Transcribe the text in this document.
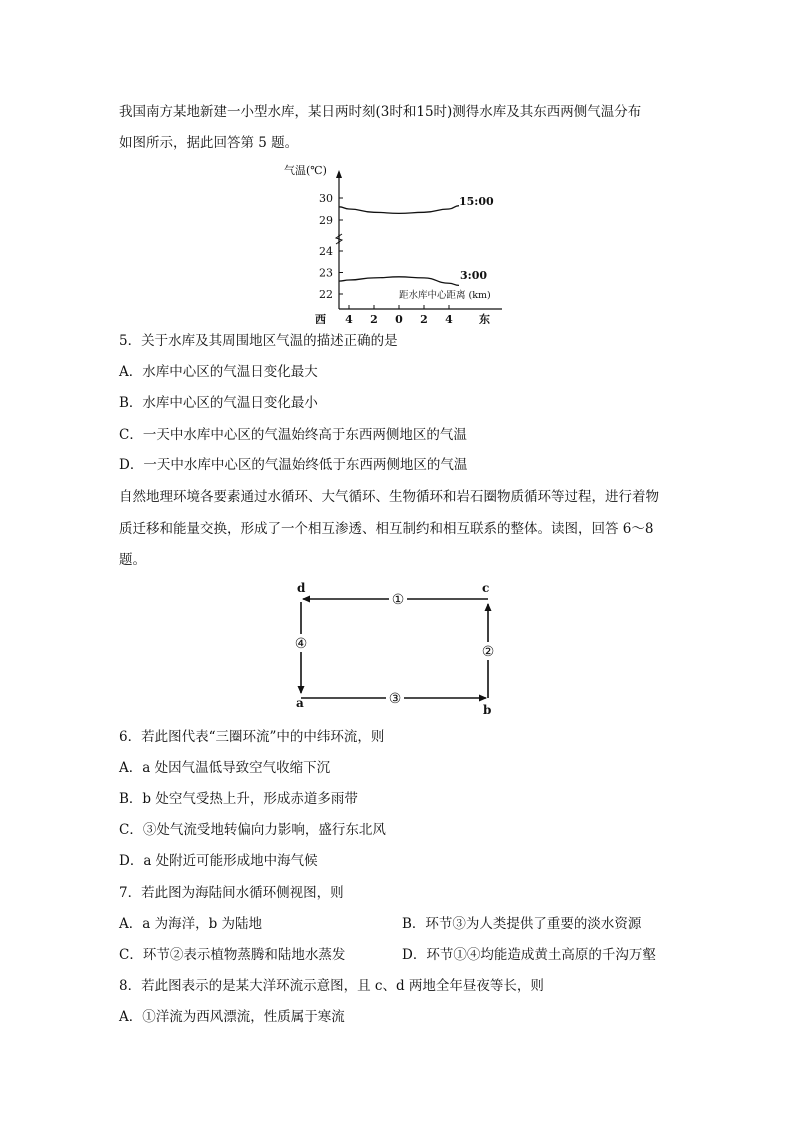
我国南方某地新建一小型水库，某日两时刻(3时和15时)测得水库及其东西两侧气温分布
如图所示，据此回答第 5 题。
气温(℃)
距水库中心距离 (km)
30
29
24
23
22
4 2 0 2 4
西	东
15:00
3:00
5．关于水库及其周围地区气温的描述正确的是
A．水库中心区的气温日变化最大
B．水库中心区的气温日变化最小
C．一天中水库中心区的气温始终高于东西两侧地区的气温
D．一天中水库中心区的气温始终低于东西两侧地区的气温
自然地理环境各要素通过水循环、大气循环、生物循环和岩石圈物质循环等过程，进行着物
质迁移和能量交换，形成了一个相互渗透、相互制约和相互联系的整体。读图，回答 6～8
题。
d	c
a	b
①
②
③
④
6．若此图代表“三圈环流”中的中纬环流，则
A．a 处因气温低导致空气收缩下沉
B．b 处空气受热上升，形成赤道多雨带
C．③处气流受地转偏向力影响，盛行东北风
D．a 处附近可能形成地中海气候
7．若此图为海陆间水循环侧视图，则
A．a 为海洋，b 为陆地	B．环节③为人类提供了重要的淡水资源
C．环节②表示植物蒸腾和陆地水蒸发	D．环节①④均能造成黄土高原的千沟万壑
8．若此图表示的是某大洋环流示意图，且 c、d 两地全年昼夜等长，则
A．①洋流为西风漂流，性质属于寒流
